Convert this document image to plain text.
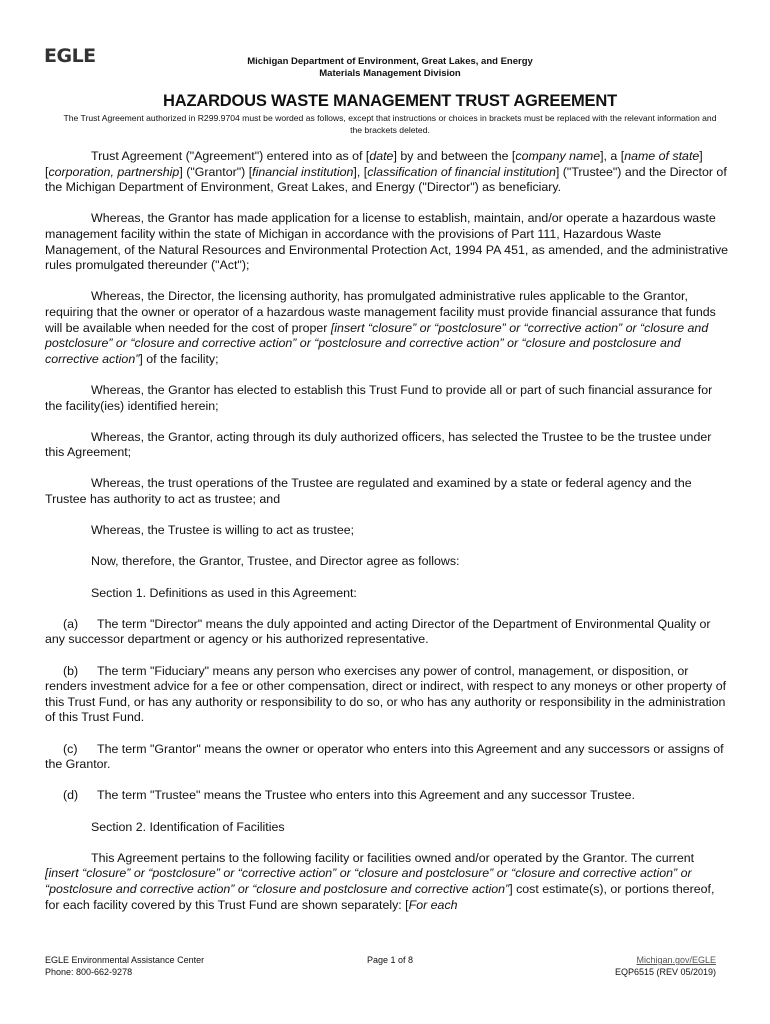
EGLE	Michigan Department of Environment, Great Lakes, and Energy
Materials Management Division
HAZARDOUS WASTE MANAGEMENT TRUST AGREEMENT
The Trust Agreement authorized in R299.9704 must be worded as follows, except that instructions or choices in brackets must be replaced with the relevant information and the brackets deleted.

Trust Agreement ("Agreement") entered into as of [date] by and between the [company name], a [name of state] [corporation, partnership] ("Grantor") [financial institution], [classification of financial institution] ("Trustee") and the Director of the Michigan Department of Environment, Great Lakes, and Energy ("Director") as beneficiary.

Whereas, the Grantor has made application for a license to establish, maintain, and/or operate a hazardous waste management facility within the state of Michigan in accordance with the provisions of Part 111, Hazardous Waste Management, of the Natural Resources and Environmental Protection Act, 1994 PA 451, as amended, and the administrative rules promulgated thereunder ("Act");

Whereas, the Director, the licensing authority, has promulgated administrative rules applicable to the Grantor, requiring that the owner or operator of a hazardous waste management facility must provide financial assurance that funds will be available when needed for the cost of proper [insert “closure” or “postclosure” or “corrective action” or “closure and postclosure” or “closure and corrective action” or “postclosure and corrective action” or “closure and postclosure and corrective action”] of the facility;

Whereas, the Grantor has elected to establish this Trust Fund to provide all or part of such financial assurance for the facility(ies) identified herein;

Whereas, the Grantor, acting through its duly authorized officers, has selected the Trustee to be the trustee under this Agreement;

Whereas, the trust operations of the Trustee are regulated and examined by a state or federal agency and the Trustee has authority to act as trustee; and

Whereas, the Trustee is willing to act as trustee;

Now, therefore, the Grantor, Trustee, and Director agree as follows:

Section 1. Definitions as used in this Agreement:

(a) The term "Director" means the duly appointed and acting Director of the Department of Environmental Quality or any successor department or agency or his authorized representative.

(b) The term "Fiduciary" means any person who exercises any power of control, management, or disposition, or renders investment advice for a fee or other compensation, direct or indirect, with respect to any moneys or other property of this Trust Fund, or has any authority or responsibility to do so, or who has any authority or responsibility in the administration of this Trust Fund.

(c) The term "Grantor" means the owner or operator who enters into this Agreement and any successors or assigns of the Grantor.

(d) The term "Trustee" means the Trustee who enters into this Agreement and any successor Trustee.

Section 2. Identification of Facilities

This Agreement pertains to the following facility or facilities owned and/or operated by the Grantor. The current [insert “closure” or “postclosure” or “corrective action” or “closure and postclosure” or “closure and corrective action” or “postclosure and corrective action” or “closure and postclosure and corrective action”] cost estimate(s), or portions thereof, for each facility covered by this Trust Fund are shown separately: [For each

EGLE Environmental Assistance Center
Phone: 800-662-9278
Page 1 of 8	Michigan.gov/EGLE
EQP6515 (REV 05/2019)
